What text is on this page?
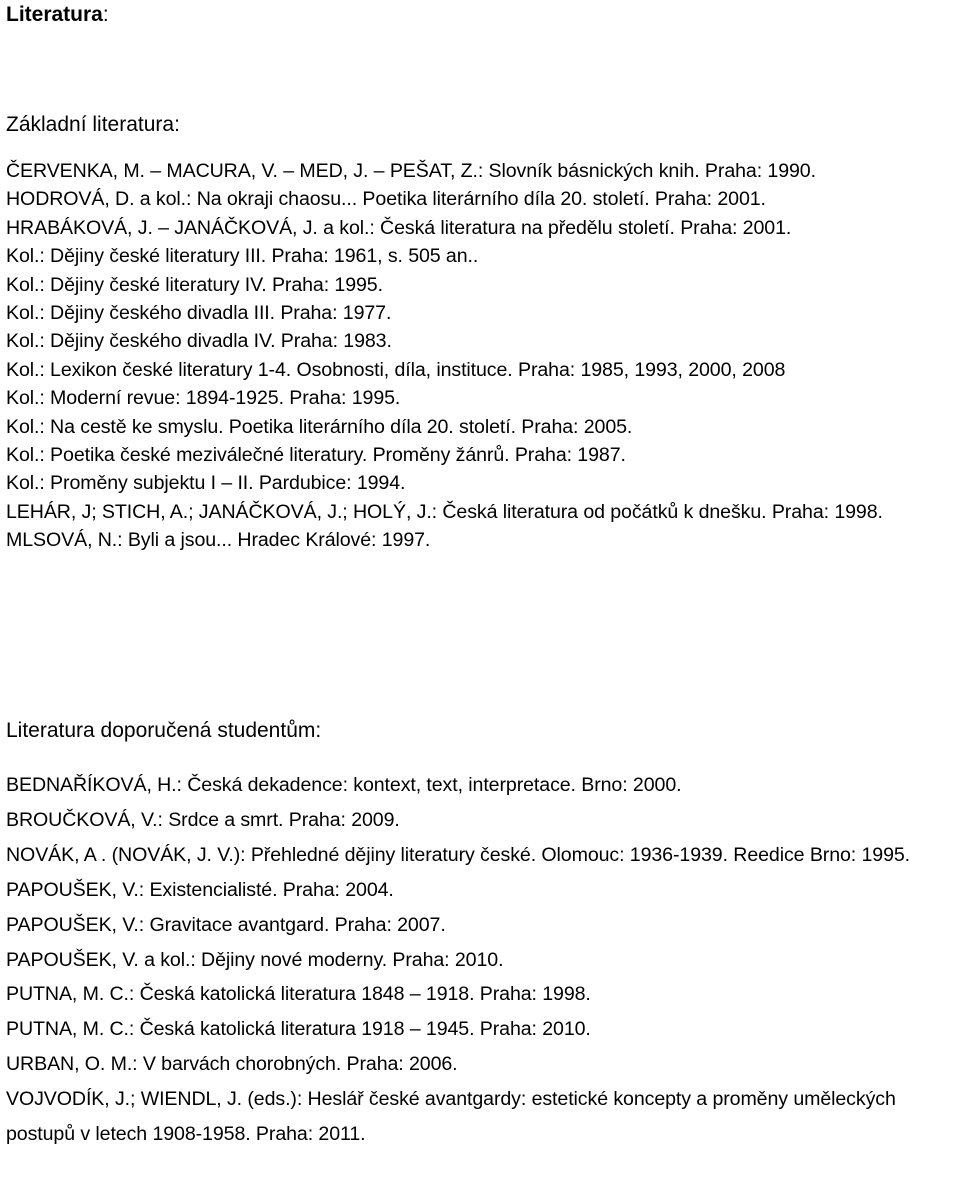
Literatura:
Základní literatura:
ČERVENKA, M. – MACURA, V. – MED, J. – PEŠAT, Z.: Slovník básnických knih. Praha: 1990.
HODROVÁ, D. a kol.: Na okraji chaosu... Poetika literárního díla 20. století. Praha: 2001.
HRABÁKOVÁ, J. – JANÁČKOVÁ, J. a kol.: Česká literatura na předělu století. Praha: 2001.
Kol.: Dějiny české literatury III. Praha: 1961, s. 505 an..
Kol.: Dějiny české literatury IV. Praha: 1995.
Kol.: Dějiny českého divadla III. Praha: 1977.
Kol.: Dějiny českého divadla IV. Praha: 1983.
Kol.: Lexikon české literatury 1-4. Osobnosti, díla, instituce. Praha: 1985, 1993, 2000, 2008
Kol.: Moderní revue: 1894-1925. Praha: 1995.
Kol.: Na cestě ke smyslu. Poetika literárního díla 20. století. Praha: 2005.
Kol.: Poetika české meziválečné literatury. Proměny žánrů. Praha: 1987.
Kol.: Proměny subjektu I – II. Pardubice: 1994.
LEHÁR, J; STICH, A.; JANÁČKOVÁ, J.; HOLÝ, J.: Česká literatura od počátků k dnešku. Praha: 1998.
MLSOVÁ, N.: Byli a jsou... Hradec Králové: 1997.
Literatura doporučená studentům:
BEDNAŘÍKOVÁ, H.: Česká dekadence: kontext, text, interpretace. Brno: 2000.
BROUČKOVÁ, V.: Srdce a smrt. Praha: 2009.
NOVÁK, A . (NOVÁK, J. V.): Přehledné dějiny literatury české. Olomouc: 1936-1939. Reedice Brno: 1995.
PAPOUŠEK, V.: Existencialisté. Praha: 2004.
PAPOUŠEK, V.: Gravitace avantgard. Praha: 2007.
PAPOUŠEK, V. a kol.: Dějiny nové moderny. Praha: 2010.
PUTNA, M. C.: Česká katolická literatura 1848 – 1918. Praha: 1998.
PUTNA, M. C.: Česká katolická literatura 1918 – 1945. Praha: 2010.
URBAN, O. M.: V barvách chorobných. Praha: 2006.
VOJVODÍK, J.; WIENDL, J. (eds.): Heslář české avantgardy: estetické koncepty a proměny uměleckých postupů v letech 1908-1958. Praha: 2011.
